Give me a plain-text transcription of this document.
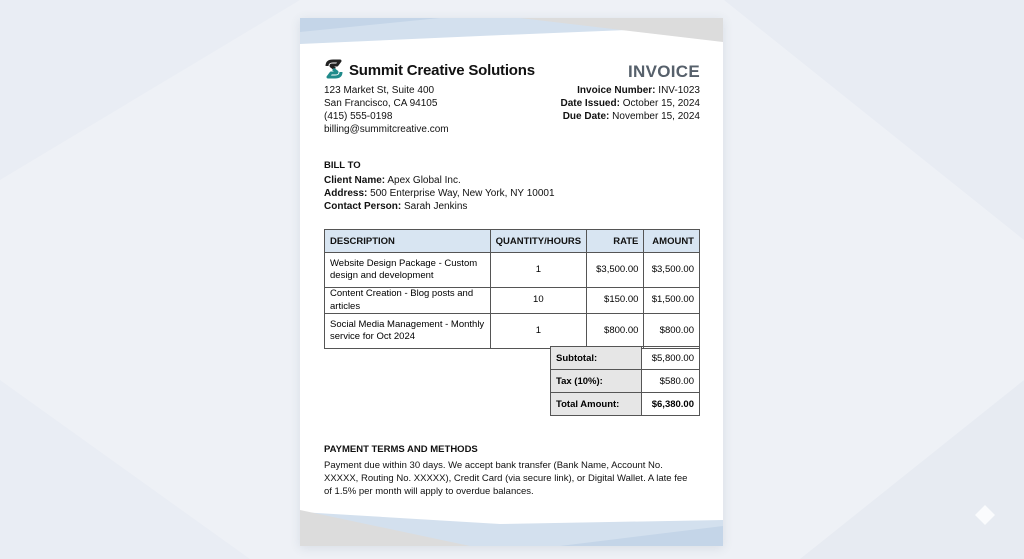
Summit Creative Solutions
123 Market St, Suite 400
San Francisco, CA 94105
(415) 555-0198
billing@summitcreative.com
INVOICE
Invoice Number: INV-1023
Date Issued: October 15, 2024
Due Date: November 15, 2024
BILL TO
Client Name: Apex Global Inc.
Address: 500 Enterprise Way, New York, NY 10001
Contact Person: Sarah Jenkins
DESCRIPTION	QUANTITY/HOURS	RATE	AMOUNT
Website Design Package - Custom design and development	1	$3,500.00	$3,500.00
Content Creation - Blog posts and articles	10	$150.00	$1,500.00
Social Media Management - Monthly service for Oct 2024	1	$800.00	$800.00
Subtotal:	$5,800.00
Tax (10%):	$580.00
Total Amount:	$6,380.00
PAYMENT TERMS AND METHODS
Payment due within 30 days. We accept bank transfer (Bank Name, Account No. XXXXX, Routing No. XXXXX), Credit Card (via secure link), or Digital Wallet. A late fee of 1.5% per month will apply to overdue balances.
